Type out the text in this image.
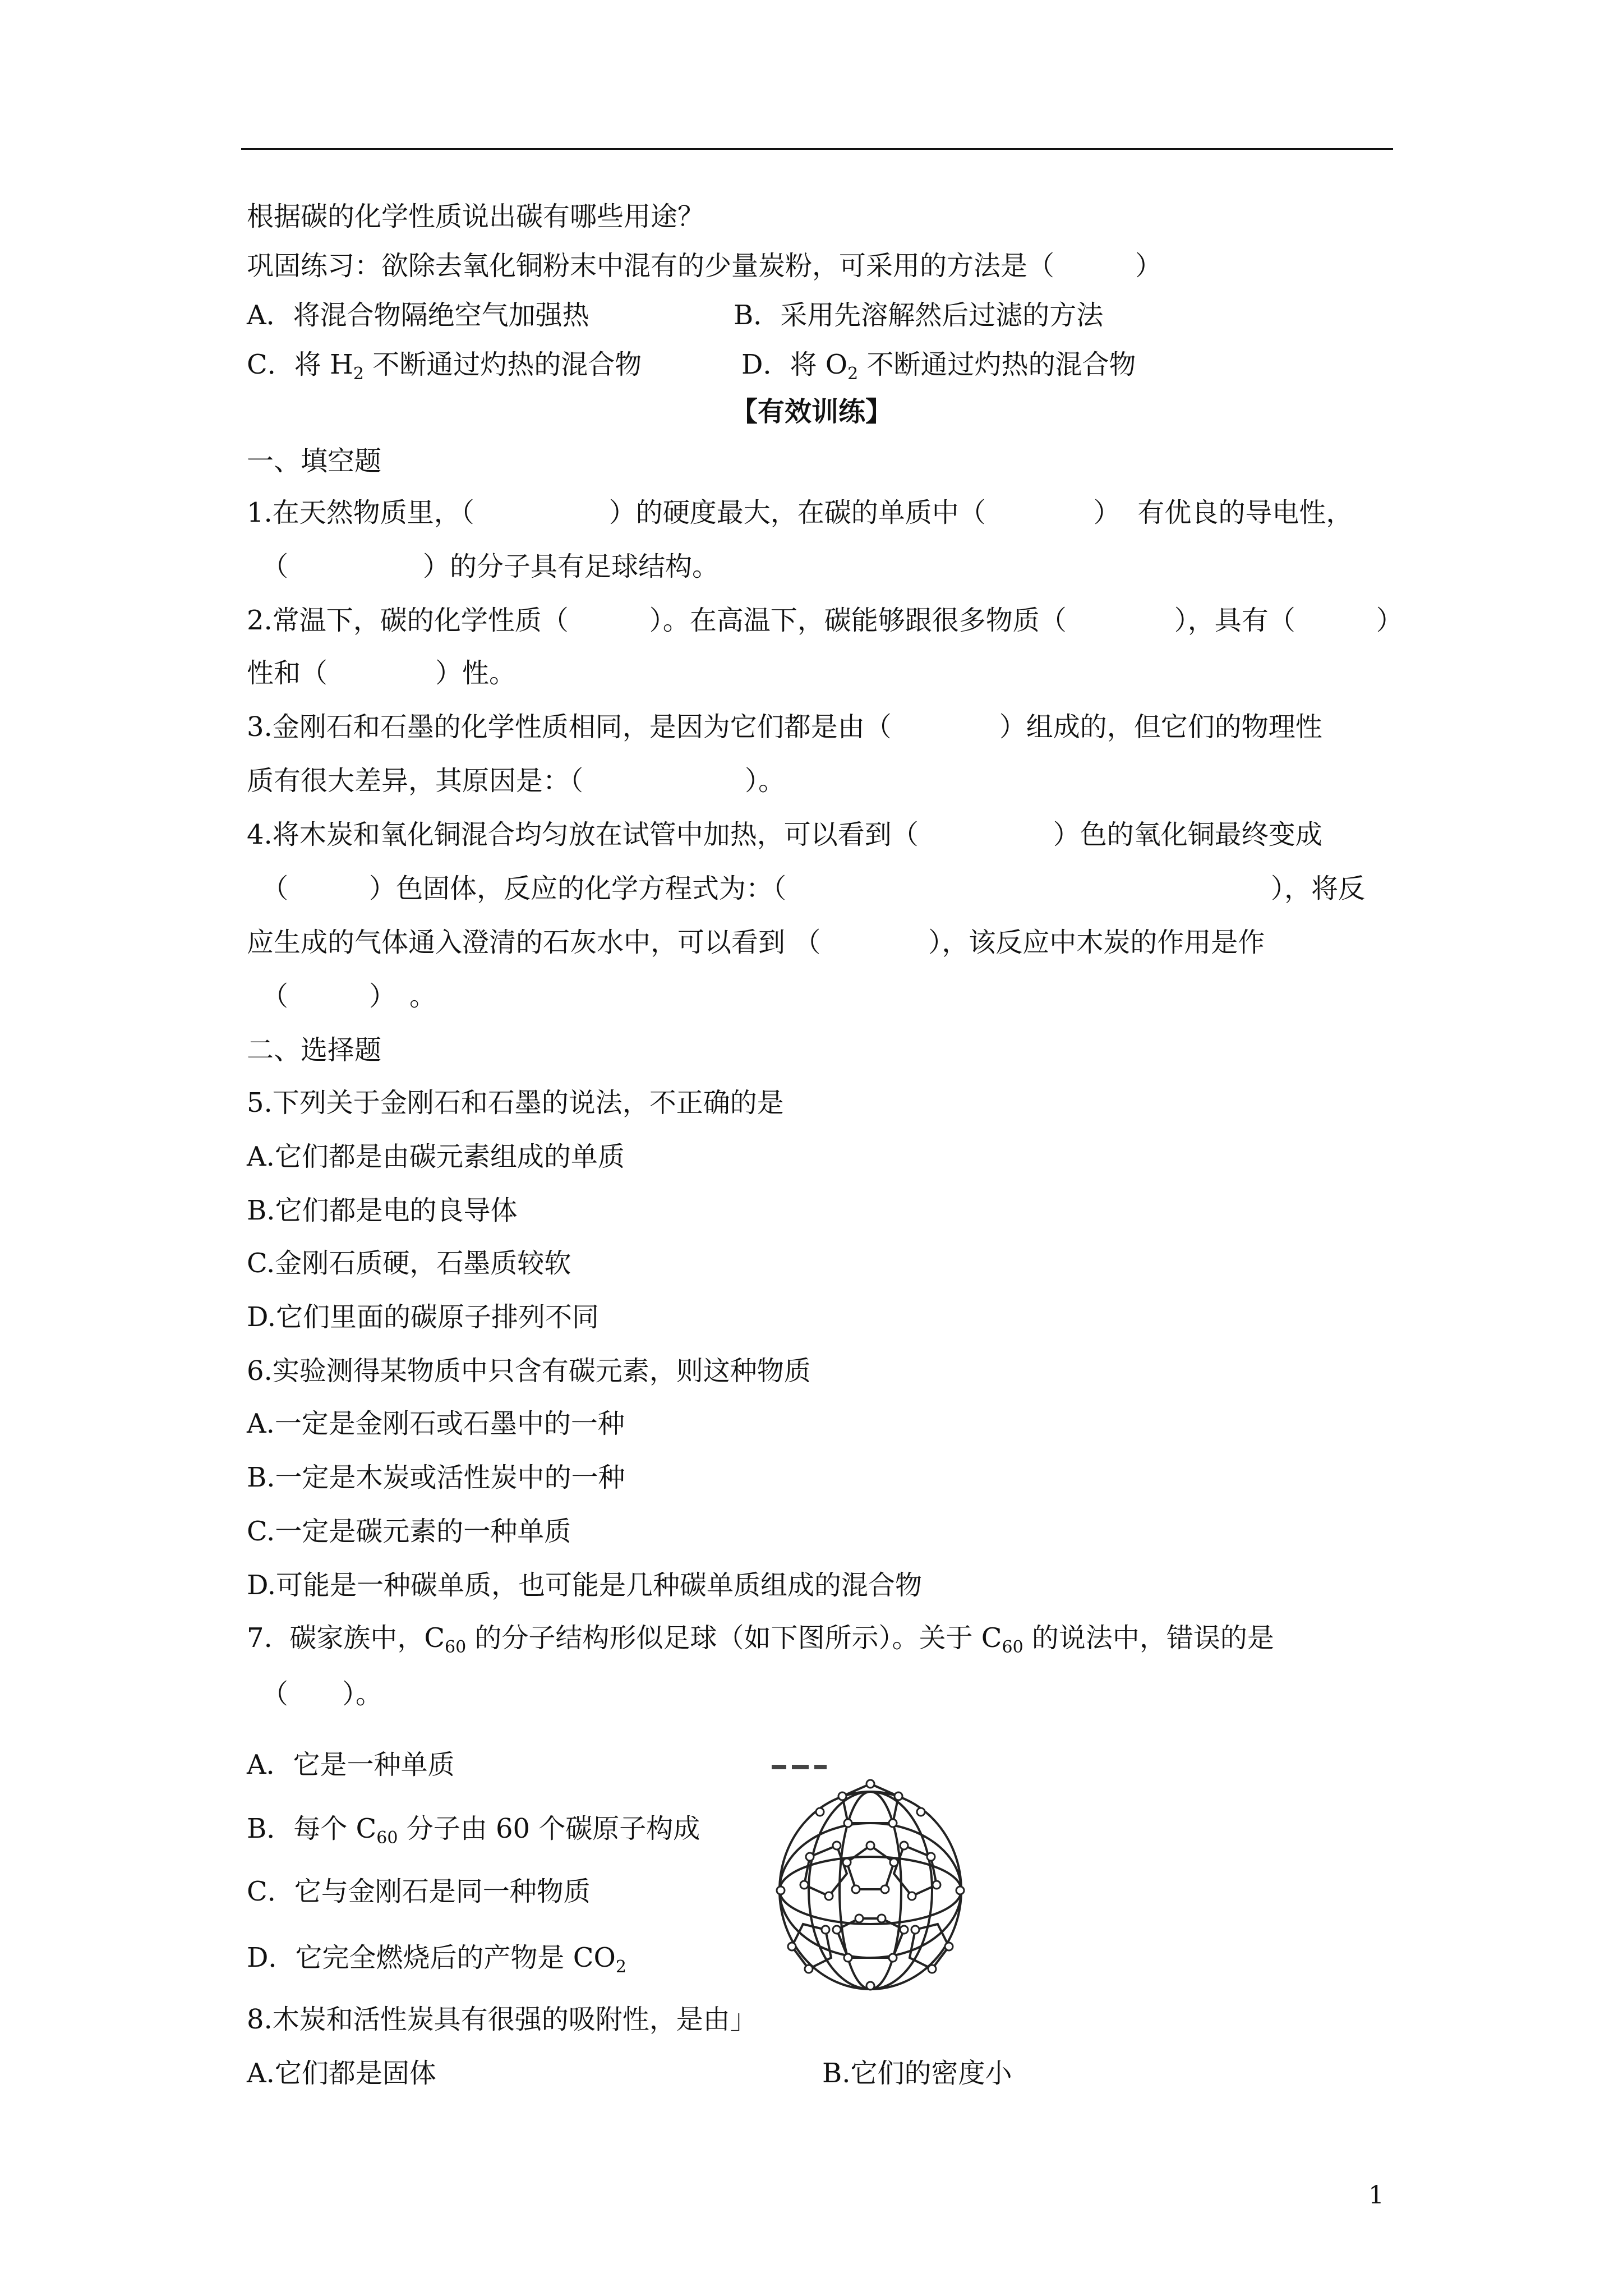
根据碳的化学性质说出碳有哪些用途？
巩固练习：欲除去氧化铜粉末中混有的少量炭粉，可采用的方法是（　　　）
A．将混合物隔绝空气加强热	B．采用先溶解然后过滤的方法
C．将 $H_2$ 不断通过灼热的混合物	D．将 $O_2$ 不断通过灼热的混合物
【有效训练】
一、填空题
1.在天然物质里，（　　　　　）的硬度最大，在碳的单质中（　　　　）  有优良的导电性，
（　　　　　）的分子具有足球结构。
2.常温下，碳的化学性质（　　　）。在高温下，碳能够跟很多物质（　　　　），具有（　　　）
性和（　　　　）性。
3.金刚石和石墨的化学性质相同，是因为它们都是由（　　　　）组成的，但它们的物理性
质有很大差异，其原因是：（　　　　　　）。
4.将木炭和氧化铜混合均匀放在试管中加热，可以看到（　　　　　）色的氧化铜最终变成
（　　　）色固体，反应的化学方程式为：（　　　　　　　　　　　　　　　　　　），将反
应生成的气体通入澄清的石灰水中，可以看到 （　　　　），该反应中木炭的作用是作
（　　　）　。
二、选择题
5.下列关于金刚石和石墨的说法，不正确的是
A.它们都是由碳元素组成的单质
B.它们都是电的良导体
C.金刚石质硬，石墨质较软
D.它们里面的碳原子排列不同
6.实验测得某物质中只含有碳元素，则这种物质
A.一定是金刚石或石墨中的一种
B.一定是木炭或活性炭中的一种
C.一定是碳元素的一种单质
D.可能是一种碳单质，也可能是几种碳单质组成的混合物
7.  碳家族中，$C_{60}$ 的分子结构形似足球（如下图所示）。关于 $C_{60}$ 的说法中，错误的是
（　　）。
A．它是一种单质
B．每个 $C_{60}$ 分子由 60 个碳原子构成
C．它与金刚石是同一种物质
D．它完全燃烧后的产物是 $CO_2$
8.木炭和活性炭具有很强的吸附性，是由」
A.它们都是固体	B.它们的密度小
1
